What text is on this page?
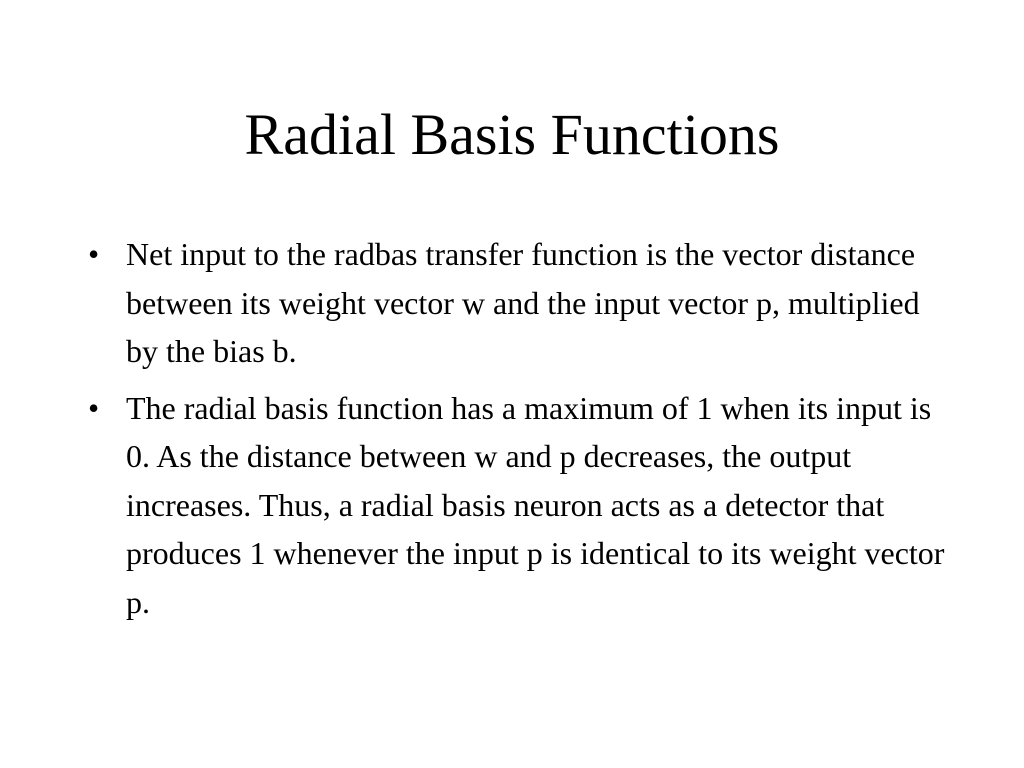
Radial Basis Functions
• Net input to the radbas transfer function is the vector distance between its weight vector w and the input vector p, multiplied by the bias b.
• The radial basis function has a maximum of 1 when its input is 0. As the distance between w and p decreases, the output increases. Thus, a radial basis neuron acts as a detector that produces 1 whenever the input p is identical to its weight vector p.
